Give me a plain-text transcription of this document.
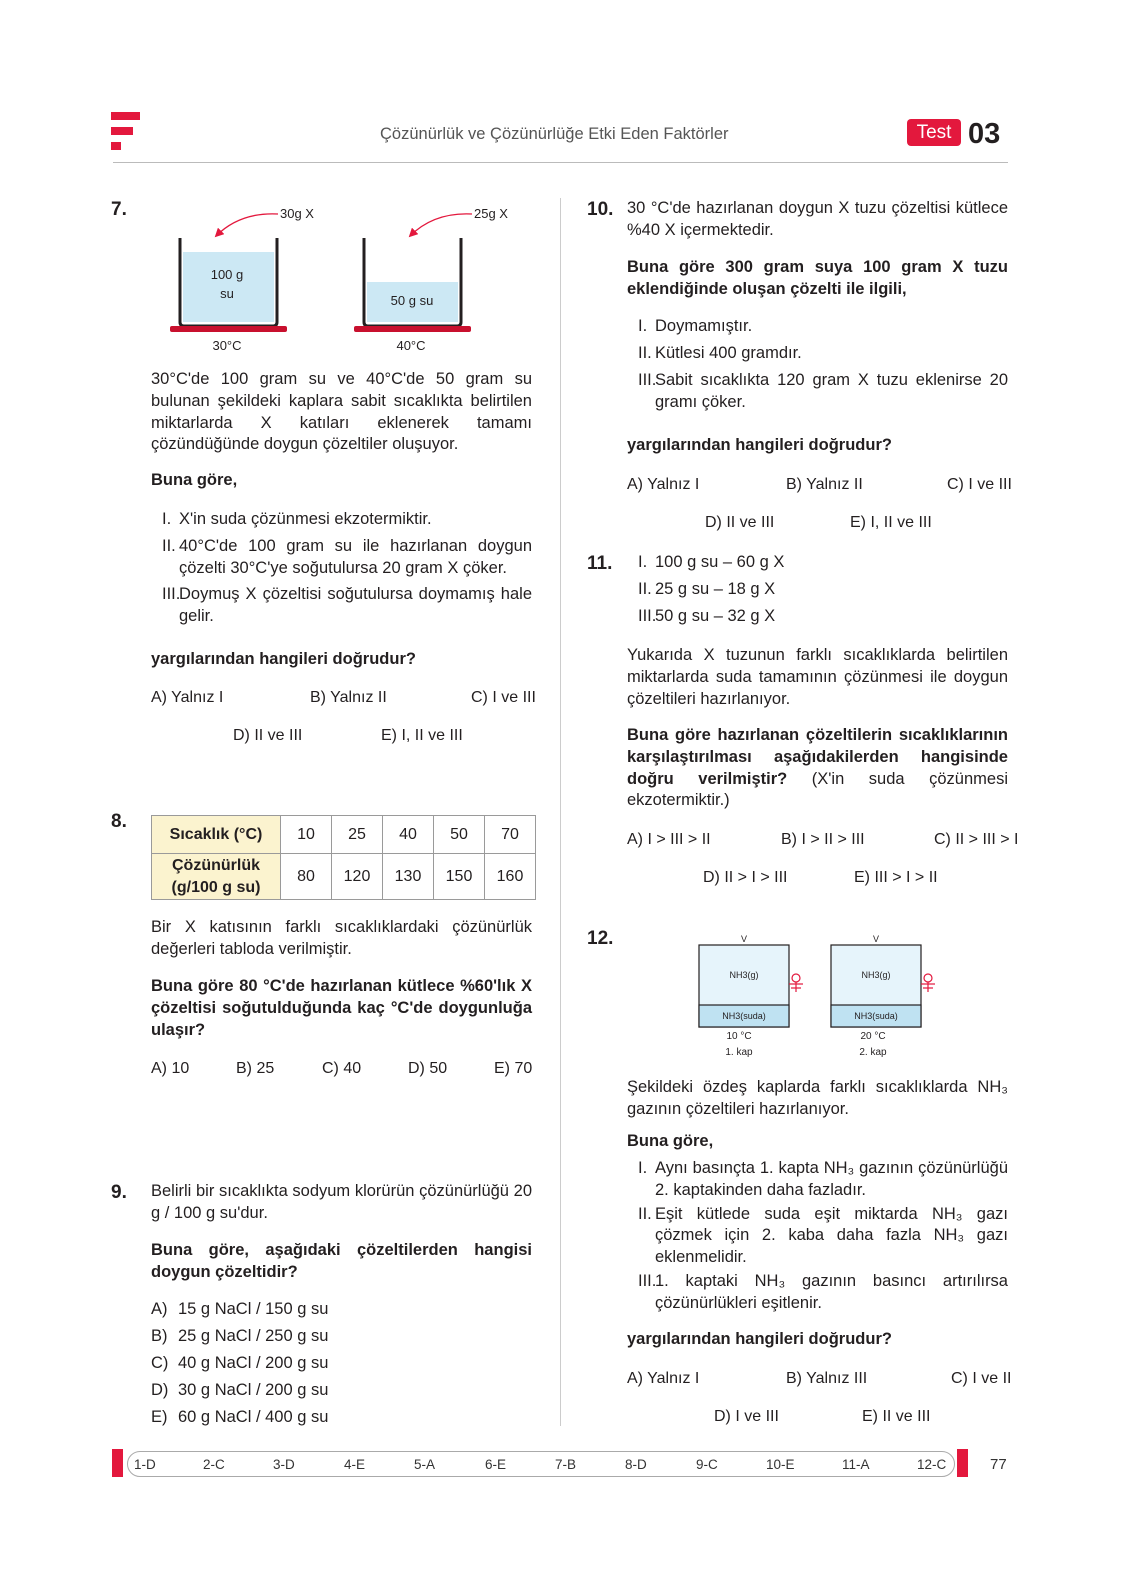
Çözünürlük ve Çözünürlüğe Etki Eden Faktörler	Test 03
7.	30g X
100 g
su
30°C
25g X
50 g su
40°C
30°C'de 100 gram su ve 40°C'de 50 gram su bulunan şekildeki kaplara sabit sıcaklıkta belirtilen miktarlarda X katıları eklenerek tamamı çözündüğünde doygun çözeltiler oluşuyor.
Buna göre,
I. X'in suda çözünmesi ekzotermiktir.
II. 40°C'de 100 gram su ile hazırlanan doygun çözelti 30°C'ye soğutulursa 20 gram X çöker.
III.
Doymuş X çözeltisi soğutulursa doymamış hale gelir.
yargılarından hangileri doğrudur?
A) Yalnız I	B) Yalnız II	C) I ve III
D) II ve III	E) I, II ve III
8.
Sıcaklık (°C)	10	25	40	50	70

Çözünürlük
(g/100 g su)	80	120	130	150	160
Bir X katısının farklı sıcaklıklardaki çözünürlük değerleri tabloda verilmiştir.
Buna göre 80 °C'de hazırlanan kütlece %60'lık X çözeltisi soğutulduğunda kaç °C'de doygunluğa ulaşır?
A) 10	B) 25	C) 40	D) 50	E) 70
9. Belirli bir sıcaklıkta sodyum klorürün çözünürlüğü 20 g / 100 g su'dur.
Buna göre, aşağıdaki çözeltilerden hangisi doygun çözeltidir?
A) 15 g NaCl / 150 g su
B) 25 g NaCl / 250 g su
C) 40 g NaCl / 200 g su
D) 30 g NaCl / 200 g su
E) 60 g NaCl / 400 g su
10. 30 °C'de hazırlanan doygun X tuzu çözeltisi kütlece %40 X içermektedir.
Buna göre 300 gram suya 100 gram X tuzu eklendiğinde oluşan çözelti ile ilgili,
I. Doymamıştır.
II. Kütlesi 400 gramdır.
III.
Sabit sıcaklıkta 120 gram X tuzu eklenirse 20 gramı çöker.
yargılarından hangileri doğrudur?
A) Yalnız I	B) Yalnız II	C) I ve III
D) II ve III	E) I, II ve III
11. I. 100 g su – 60 g X
II. 25 g su – 18 g X
III.
50 g su – 32 g X
Yukarıda X tuzunun farklı sıcaklıklarda belirtilen miktarlarda suda tamamının çözünmesi ile doygun çözeltileri hazırlanıyor.
Buna göre hazırlanan çözeltilerin sıcaklıklarının karşılaştırılması aşağıdakilerden hangisinde doğru verilmiştir? (X'in suda çözünmesi ekzotermiktir.)
A) I > III > II	B) I > II > III	C) II > III > I
D) II > I > III	E) III > I > II
12.	V
NH3(g)
NH3(suda)
10 °C
1. kap
V
NH3(g)
NH3(suda)
20 °C
2. kap
Şekildeki özdeş kaplarda farklı sıcaklıklarda NH₃ gazının çözeltileri hazırlanıyor.
Buna göre,
I. Aynı basınçta 1. kapta NH₃ gazının çözünürlüğü 2. kaptakinden daha fazladır.
II. Eşit kütlede suda eşit miktarda NH₃ gazı çözmek için 2. kaba daha fazla NH₃ gazı eklenmelidir.
III.
1. kaptaki NH₃ gazının basıncı artırılırsa çözünürlükleri eşitlenir.
yargılarından hangileri doğrudur?
A) Yalnız I	B) Yalnız III	C) I ve II
D) I ve III	E) II ve III
1-D	2-C	3-D	4-E	5-A	6-E	7-B	8-D	9-C	10-E	11-A	12-C	77
